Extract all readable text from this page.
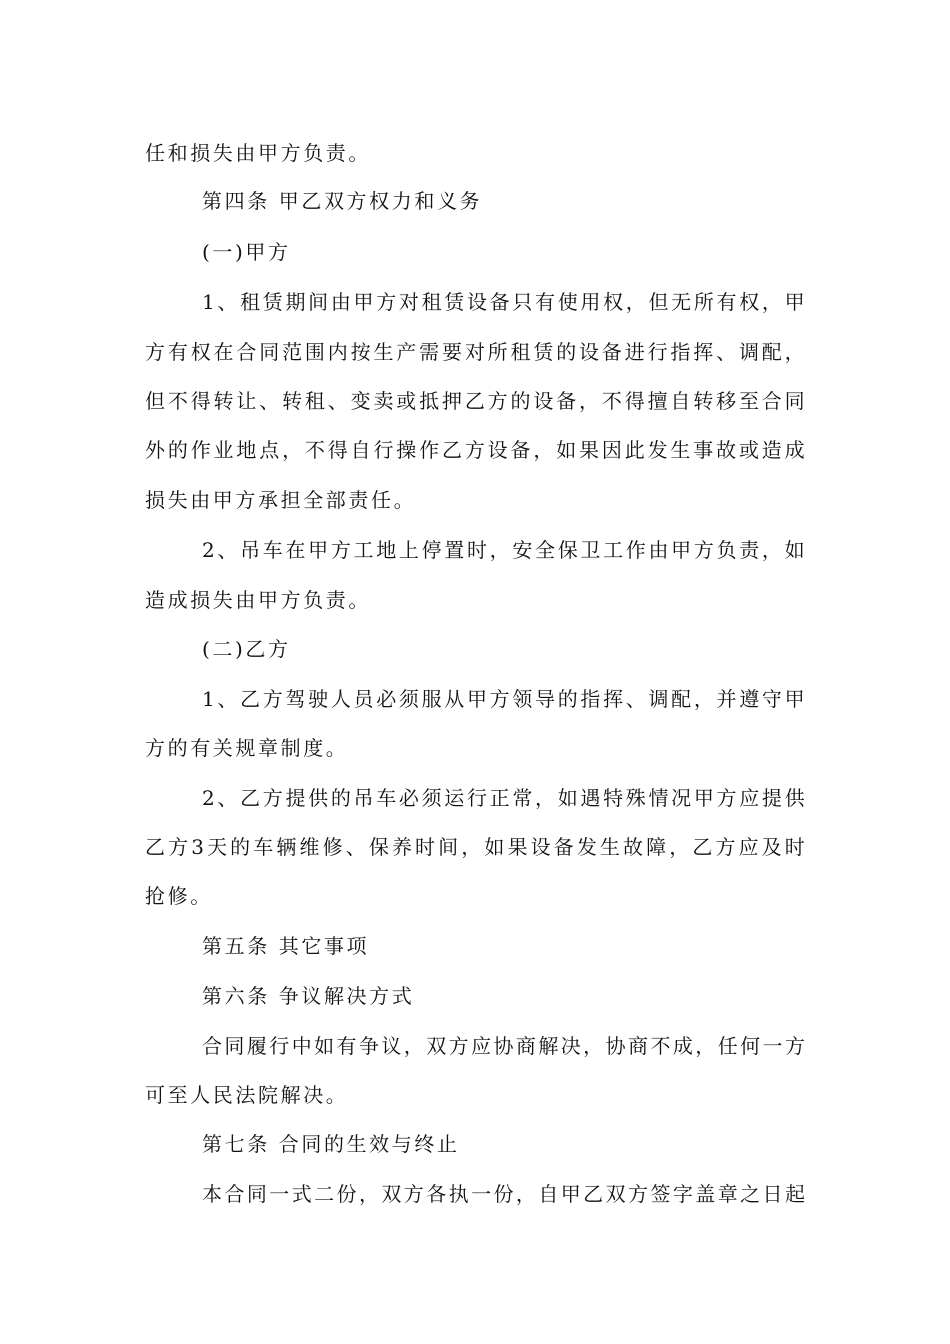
任和损失由甲方负责。
第四条 甲乙双方权力和义务
(一)甲方
1 、 租 赁 期 间 由 甲 方 对 租 赁 设 备 只 有 使 用 权 ， 但 无 所 有 权 ， 甲
方 有 权 在 合 同 范 围 内 按 生 产 需 要 对 所 租 赁 的 设 备 进 行 指 挥 、 调 配 ，
但 不 得 转 让 、 转 租 、 变 卖 或 抵 押 乙 方 的 设 备 ， 不 得 擅 自 转 移 至 合 同
外 的 作 业 地 点 ， 不 得 自 行 操 作 乙 方 设 备 ， 如 果 因 此 发 生 事 故 或 造 成
损失由甲方承担全部责任。
2 、 吊 车 在 甲 方 工 地 上 停 置 时 ， 安 全 保 卫 工 作 由 甲 方 负 责 ， 如
造成损失由甲方负责。
(二)乙方
1 、 乙 方 驾 驶 人 员 必 须 服 从 甲 方 领 导 的 指 挥 、 调 配 ， 并 遵 守 甲
方的有关规章制度。
2 、 乙 方 提 供 的 吊 车 必 须 运 行 正 常 ， 如 遇 特 殊 情 况 甲 方 应 提 供
乙 方 3 天 的 车 辆 维 修 、 保 养 时 间 ， 如 果 设 备 发 生 故 障 ， 乙 方 应 及 时
抢修。
第五条 其它事项
第六条 争议解决方式
合 同 履 行 中 如 有 争 议 ， 双 方 应 协 商 解 决 ， 协 商 不 成 ， 任 何 一 方
可至人民法院解决。
第七条 合同的生效与终止
本 合 同 一 式 二 份 ， 双 方 各 执 一 份 ， 自 甲 乙 双 方 签 字 盖 章 之 日 起
